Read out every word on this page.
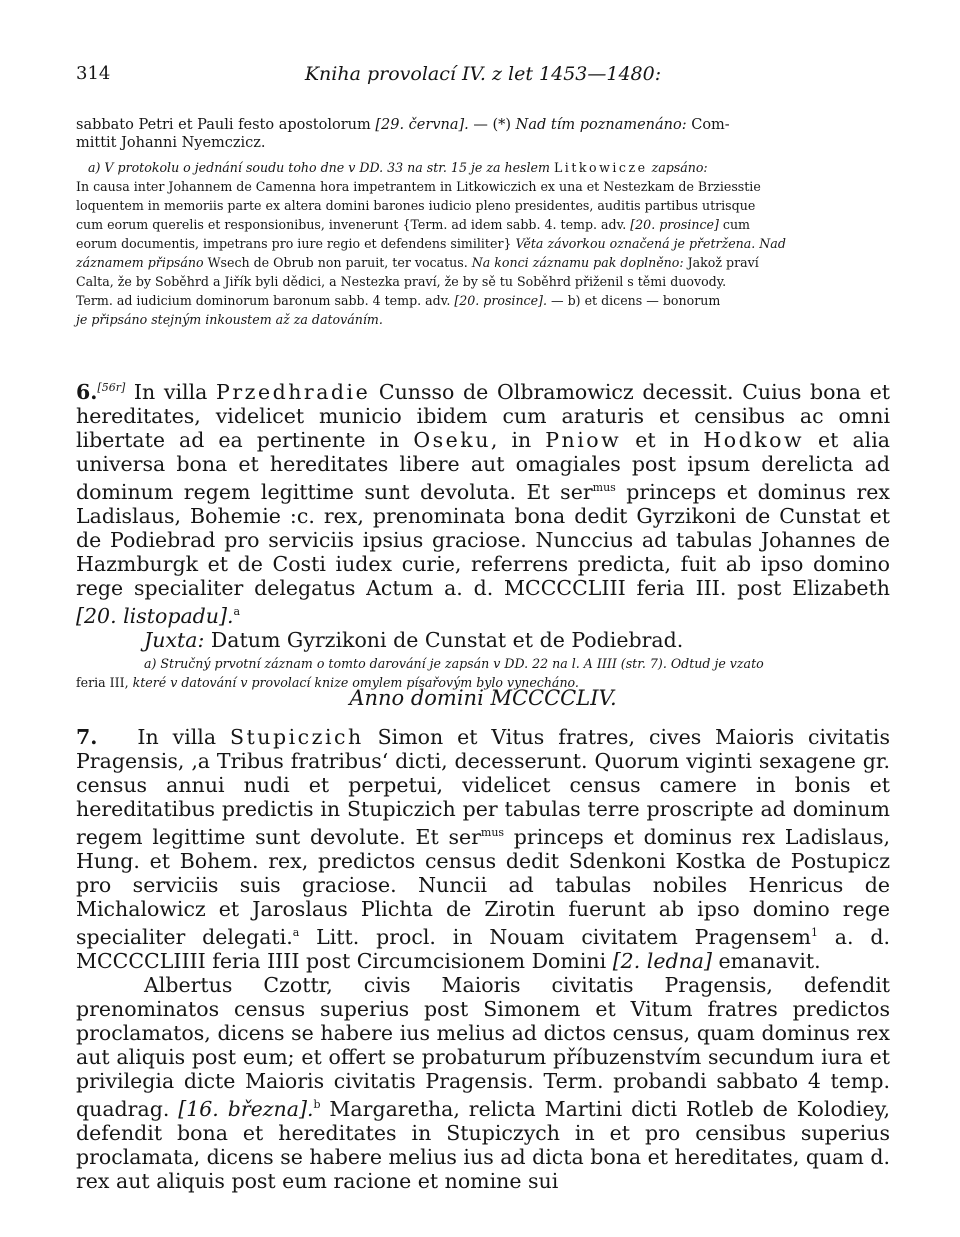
314	Kniha provolací IV. z let 1453—1480:
sabbato Petri et Pauli festo apostolorum [29. června]. — (*) Nad tím poznamenáno: Com-
mittit Johanni Nyemczicz.
a) V protokolu o jednání soudu toho dne v DD. 33 na str. 15 je za heslem Litkowicze zapsáno:
In causa inter Johannem de Camenna hora impetrantem in Litkowiczich ex una et Nestezkam de Brziesstie
loquentem in memoriis parte ex altera domini barones iudicio pleno presidentes, auditis partibus utrisque
cum eorum querelis et responsionibus, invenerunt {Term. ad idem sabb. 4. temp. adv. [20. prosince] cum
eorum documentis, impetrans pro iure regio et defendens similiter} Věta závorkou označená je přetržena. Nad
záznamem připsáno Wsech de Obrub non paruit, ter vocatus. Na konci záznamu pak doplněno: Jakož praví
Calta, že by Soběhrd a Jiřík byli dědici, a Nestezka praví, že by sě tu Soběhrd přiženil s těmi duovody.
Term. ad iudicium dominorum baronum sabb. 4 temp. adv. [20. prosince]. — b) et dicens — bonorum
je připsáno stejným inkoustem až za datováním.

6.[56r] In villa Przedhradie Cunsso de Olbramowicz decessit. Cuius bona et hereditates, videlicet municio ibidem cum araturis et censibus ac omni libertate ad ea pertinente in Oseku, in Pniow et in Hodkow et alia universa bona et hereditates libere aut omagiales post ipsum derelicta ad dominum regem legittime sunt devoluta. Et ser$^{mus}$ princeps et dominus rex Ladislaus, Bohemie :c. rex, prenominata bona dedit Gyrzikoni de Cunstat et de Podiebrad pro serviciis ipsius graciose. Nunccius ad tabulas Johannes de Hazmburgk et de Costi iudex curie, referrens predicta, fuit ab ipso domino rege specialiter delegatus Actum a. d. MCCCCLIII feria III. post Elizabeth [20. listopadu].$^a$

Juxta: Datum Gyrzikoni de Cunstat et de Podiebrad.
a) Stručný prvotní záznam o tomto darování je zapsán v DD. 22 na l. A IIII (str. 7). Odtud je vzato
feria III, které v datování v provolací knize omylem písařovým bylo vynecháno.
Anno domini MCCCCLIV.

7. In villa Stupiczich Simon et Vitus fratres, cives Maioris civitatis Pragensis, ‚a Tribus fratribus‘ dicti, decesserunt. Quorum viginti sexagene gr. census annui nudi et perpetui, videlicet census camere in bonis et hereditatibus predictis in Stupiczich per tabulas terre proscripte ad dominum regem legittime sunt devolute. Et ser$^{mus}$ princeps et dominus rex Ladislaus, Hung. et Bohem. rex, predictos census dedit Sdenkoni Kostka de Postupicz pro serviciis suis graciose. Nuncii ad tabulas nobiles Henricus de Michalowicz et Jaroslaus Plichta de Zirotin fuerunt ab ipso domino rege specialiter delegati.$^a$ Litt. procl. in Nouam civitatem Pragensem$^1$ a. d. MCCCCLIIII feria IIII post Circumcisionem Domini [2. ledna] emanavit.

Albertus Czottr, civis Maioris civitatis Pragensis, defendit prenominatos census superius post Simonem et Vitum fratres predictos proclamatos, dicens se habere ius melius ad dictos census, quam dominus rex aut aliquis post eum; et offert se probaturum příbuzenstvím secundum iura et privilegia dicte Maioris civitatis Pragensis. Term. probandi sabbato 4 temp. quadrag. [16. března].$^b$ Margaretha, relicta Martini dicti Rotleb de Kolodiey, defendit bona et hereditates in Stupiczych in et pro censibus superius proclamata, dicens se habere melius ius ad dicta bona et hereditates, quam d. rex aut aliquis post eum racione et nomine sui
